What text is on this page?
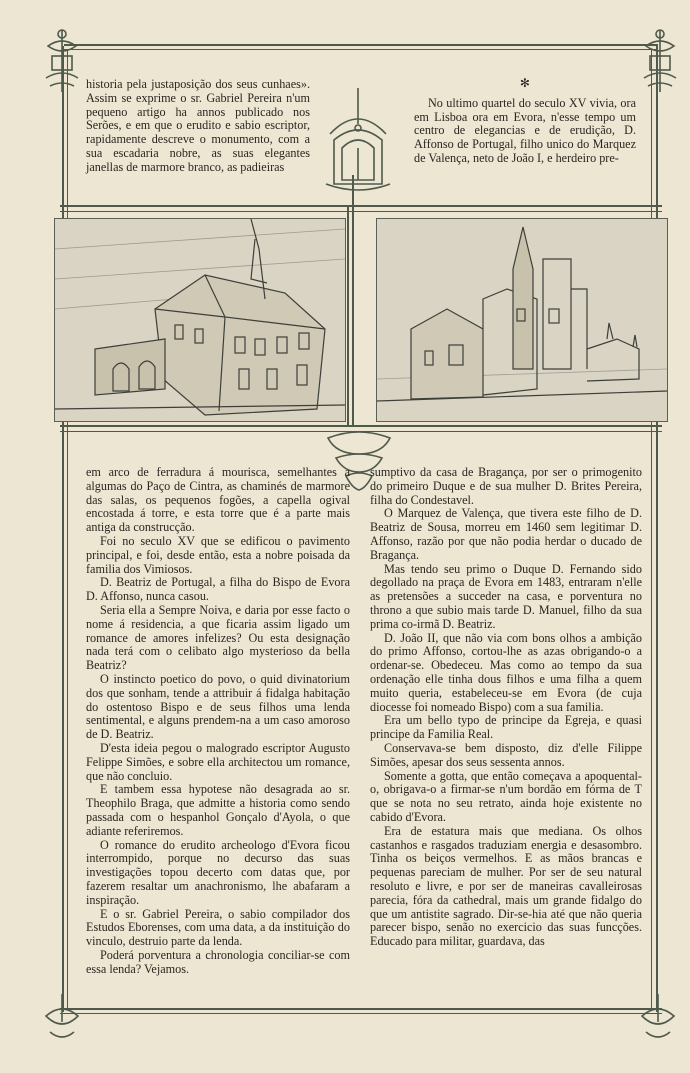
historia pela justaposição dos seus cunhaes». Assim se exprime o sr. Gabriel Pereira n'um pequeno artigo ha annos publicado nos Serões, e em que o erudito e sabio escriptor, rapidamente descreve o monumento, com a sua escadaria nobre, as suas elegantes janellas de marmore branco, as padieiras

✻

No ultimo quartel do seculo XV vivia, ora em Lisboa ora em Evora, n'esse tempo um centro de elegancias e de erudição, D. Affonso de Portugal, filho unico do Marquez de Valença, neto de João I, e herdeiro pre-

em arco de ferradura á mourisca, semelhantes a algumas do Paço de Cintra, as chaminés de marmore das salas, os pequenos fogões, a capella ogival encostada á torre, e esta torre que é a parte mais antiga da construcção.

Foi no seculo XV que se edificou o pavimento principal, e foi, desde então, esta a nobre poisada da familia dos Vimiosos.

D. Beatriz de Portugal, a filha do Bispo de Evora D. Affonso, nunca casou.

Seria ella a Sempre Noiva, e daria por esse facto o nome á residencia, a que ficaria assim ligado um romance de amores infelizes? Ou esta designação nada terá com o celibato algo mysterioso da bella Beatriz?

O instincto poetico do povo, o quid divinatorium dos que sonham, tende a attribuir á fidalga habitação do ostentoso Bispo e de seus filhos uma lenda sentimental, e alguns prendem-na a um caso amoroso de D. Beatriz.

D'esta ideia pegou o malogrado escriptor Augusto Felippe Simões, e sobre ella architectou um romance, que não concluio.

E tambem essa hypotese não desagrada ao sr. Theophilo Braga, que admitte a historia como sendo passada com o hespanhol Gonçalo d'Ayola, o que adiante referiremos.

O romance do erudito archeologo d'Evora ficou interrompido, porque no decurso das suas investigações topou decerto com datas que, por fazerem resaltar um anachronismo, lhe abafaram a inspiração.

E o sr. Gabriel Pereira, o sabio compilador dos Estudos Eborenses, com uma data, a da instituição do vinculo, destruio parte da lenda.

Poderá porventura a chronologia conciliar-se com essa lenda? Vejamos.

sumptivo da casa de Bragança, por ser o primogenito do primeiro Duque e de sua mulher D. Brites Pereira, filha do Condestavel.

O Marquez de Valença, que tivera este filho de D. Beatriz de Sousa, morreu em 1460 sem legitimar D. Affonso, razão por que não podia herdar o ducado de Bragança.

Mas tendo seu primo o Duque D. Fernando sido degollado na praça de Evora em 1483, entraram n'elle as pretensões a succeder na casa, e porventura no throno a que subio mais tarde D. Manuel, filho da sua prima co-irmã D. Beatriz.

D. João II, que não via com bons olhos a ambição do primo Affonso, cortou-lhe as azas obrigando-o a ordenar-se. Obedeceu. Mas como ao tempo da sua ordenação elle tinha dous filhos e uma filha a quem muito queria, estabeleceu-se em Evora (de cuja diocesse foi nomeado Bispo) com a sua familia.

Era um bello typo de principe da Egreja, e quasi principe da Familia Real.

Conservava-se bem disposto, diz d'elle Filippe Simões, apesar dos seus sessenta annos.

Somente a gotta, que então começava a apoquental-o, obrigava-o a firmar-se n'um bordão em fórma de T que se nota no seu retrato, ainda hoje existente no cabido d'Evora.

Era de estatura mais que mediana. Os olhos castanhos e rasgados traduziam energia e desasombro. Tinha os beiços vermelhos. E as mãos brancas e pequenas pareciam de mulher. Por ser de seu natural resoluto e livre, e por ser de maneiras cavalleirosas parecia, fóra da cathedral, mais um grande fidalgo do que um antistite sagrado. Dir-se-hia até que não queria parecer bispo, senão no exercicio das suas funcções. Educado para militar, guardava, das
